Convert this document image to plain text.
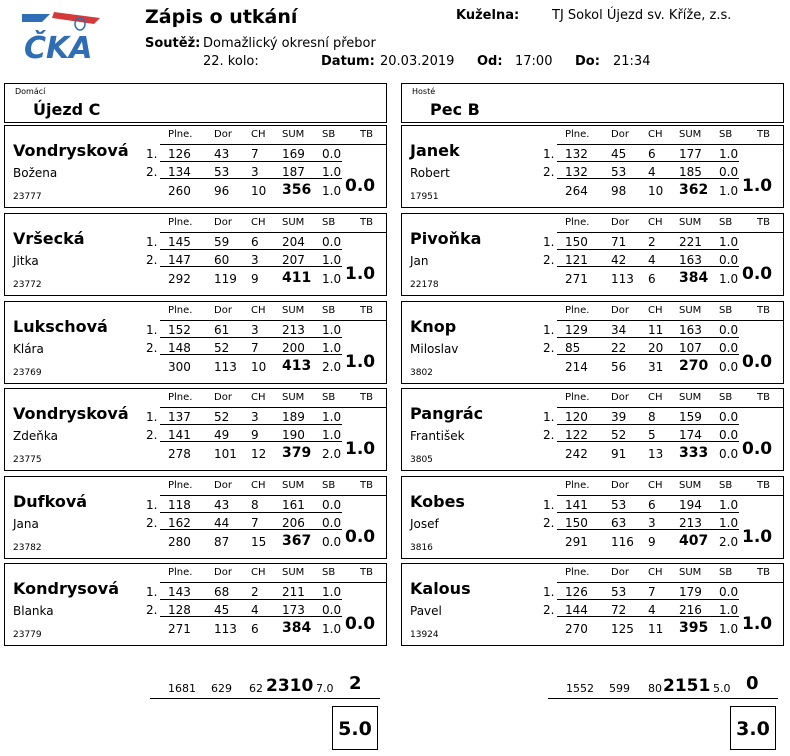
ČKA
Zápis o utkání	Kuželna:	TJ Sokol Újezd sv. Kříže, z.s.
Soutěž: Domažlický okresní přebor
22. kolo:	Datum: 20.03.2019 Od: 17:00 Do: 21:34
Domácí
Újezd C
Hosté
Pec B
Plne. Dor CH SUM SB TB
Vondrysková
Božena
23777
1. 126 43 7 169 0.0
2. 134 53 3 187 1.0
260 96 10 356 1.0 0.0
Plne. Dor CH SUM SB TB
Vršecká
Jitka
23772
1. 145 59 6 204 0.0
2. 147 60 3 207 1.0
292 119 9 411 1.0 1.0
Plne. Dor CH SUM SB TB
Lukschová
Klára
23769
1. 152 61 3 213 1.0
2. 148 52 7 200 1.0
300 113 10 413 2.0 1.0
Plne. Dor CH SUM SB TB
Vondrysková
Zdeňka
23775
1. 137 52 3 189 1.0
2. 141 49 9 190 1.0
278 101 12 379 2.0 1.0
Plne. Dor CH SUM SB TB
Dufková
Jana
23782
1. 118 43 8 161 0.0
2. 162 44 7 206 0.0
280 87 15 367 0.0 0.0
Plne. Dor CH SUM SB TB
Kondrysová
Blanka
23779
1. 143 68 2 211 1.0
2. 128 45 4 173 0.0
271 113 6 384 1.0 0.0
Plne. Dor CH SUM SB TB
Janek
Robert
17951
1. 132 45 6 177 1.0
2. 132 53 4 185 0.0
264 98 10 362 1.0 1.0
Plne. Dor CH SUM SB TB
Pivoňka
Jan
22178
1. 150 71 2 221 1.0
2. 121 42 4 163 0.0
271 113 6 384 1.0 0.0
Plne. Dor CH SUM SB TB
Knop
Miloslav
3802
1. 129 34 11 163 0.0
2. 85	22 20 107 0.0
214 56 31 270 0.0 0.0
Plne. Dor CH SUM SB TB
Pangrác
František
3805
1. 120 39 8 159 0.0
2. 122 52 5 174 0.0
242 91 13 333 0.0 0.0
Plne. Dor CH SUM SB TB
Kobes
Josef
3816
1. 141 53 6 194 1.0
2. 150 63 3 213 1.0
291 116 9 407 2.0 1.0
Plne. Dor CH SUM SB TB
Kalous
Pavel
13924
1. 126 53 7 179 0.0
2. 144 72 4 216 1.0
270 125 11 395 1.0 1.0
1681 629 62 2310 7.0 2
5.0
1552 599 80 2151 5.0 0
3.0
